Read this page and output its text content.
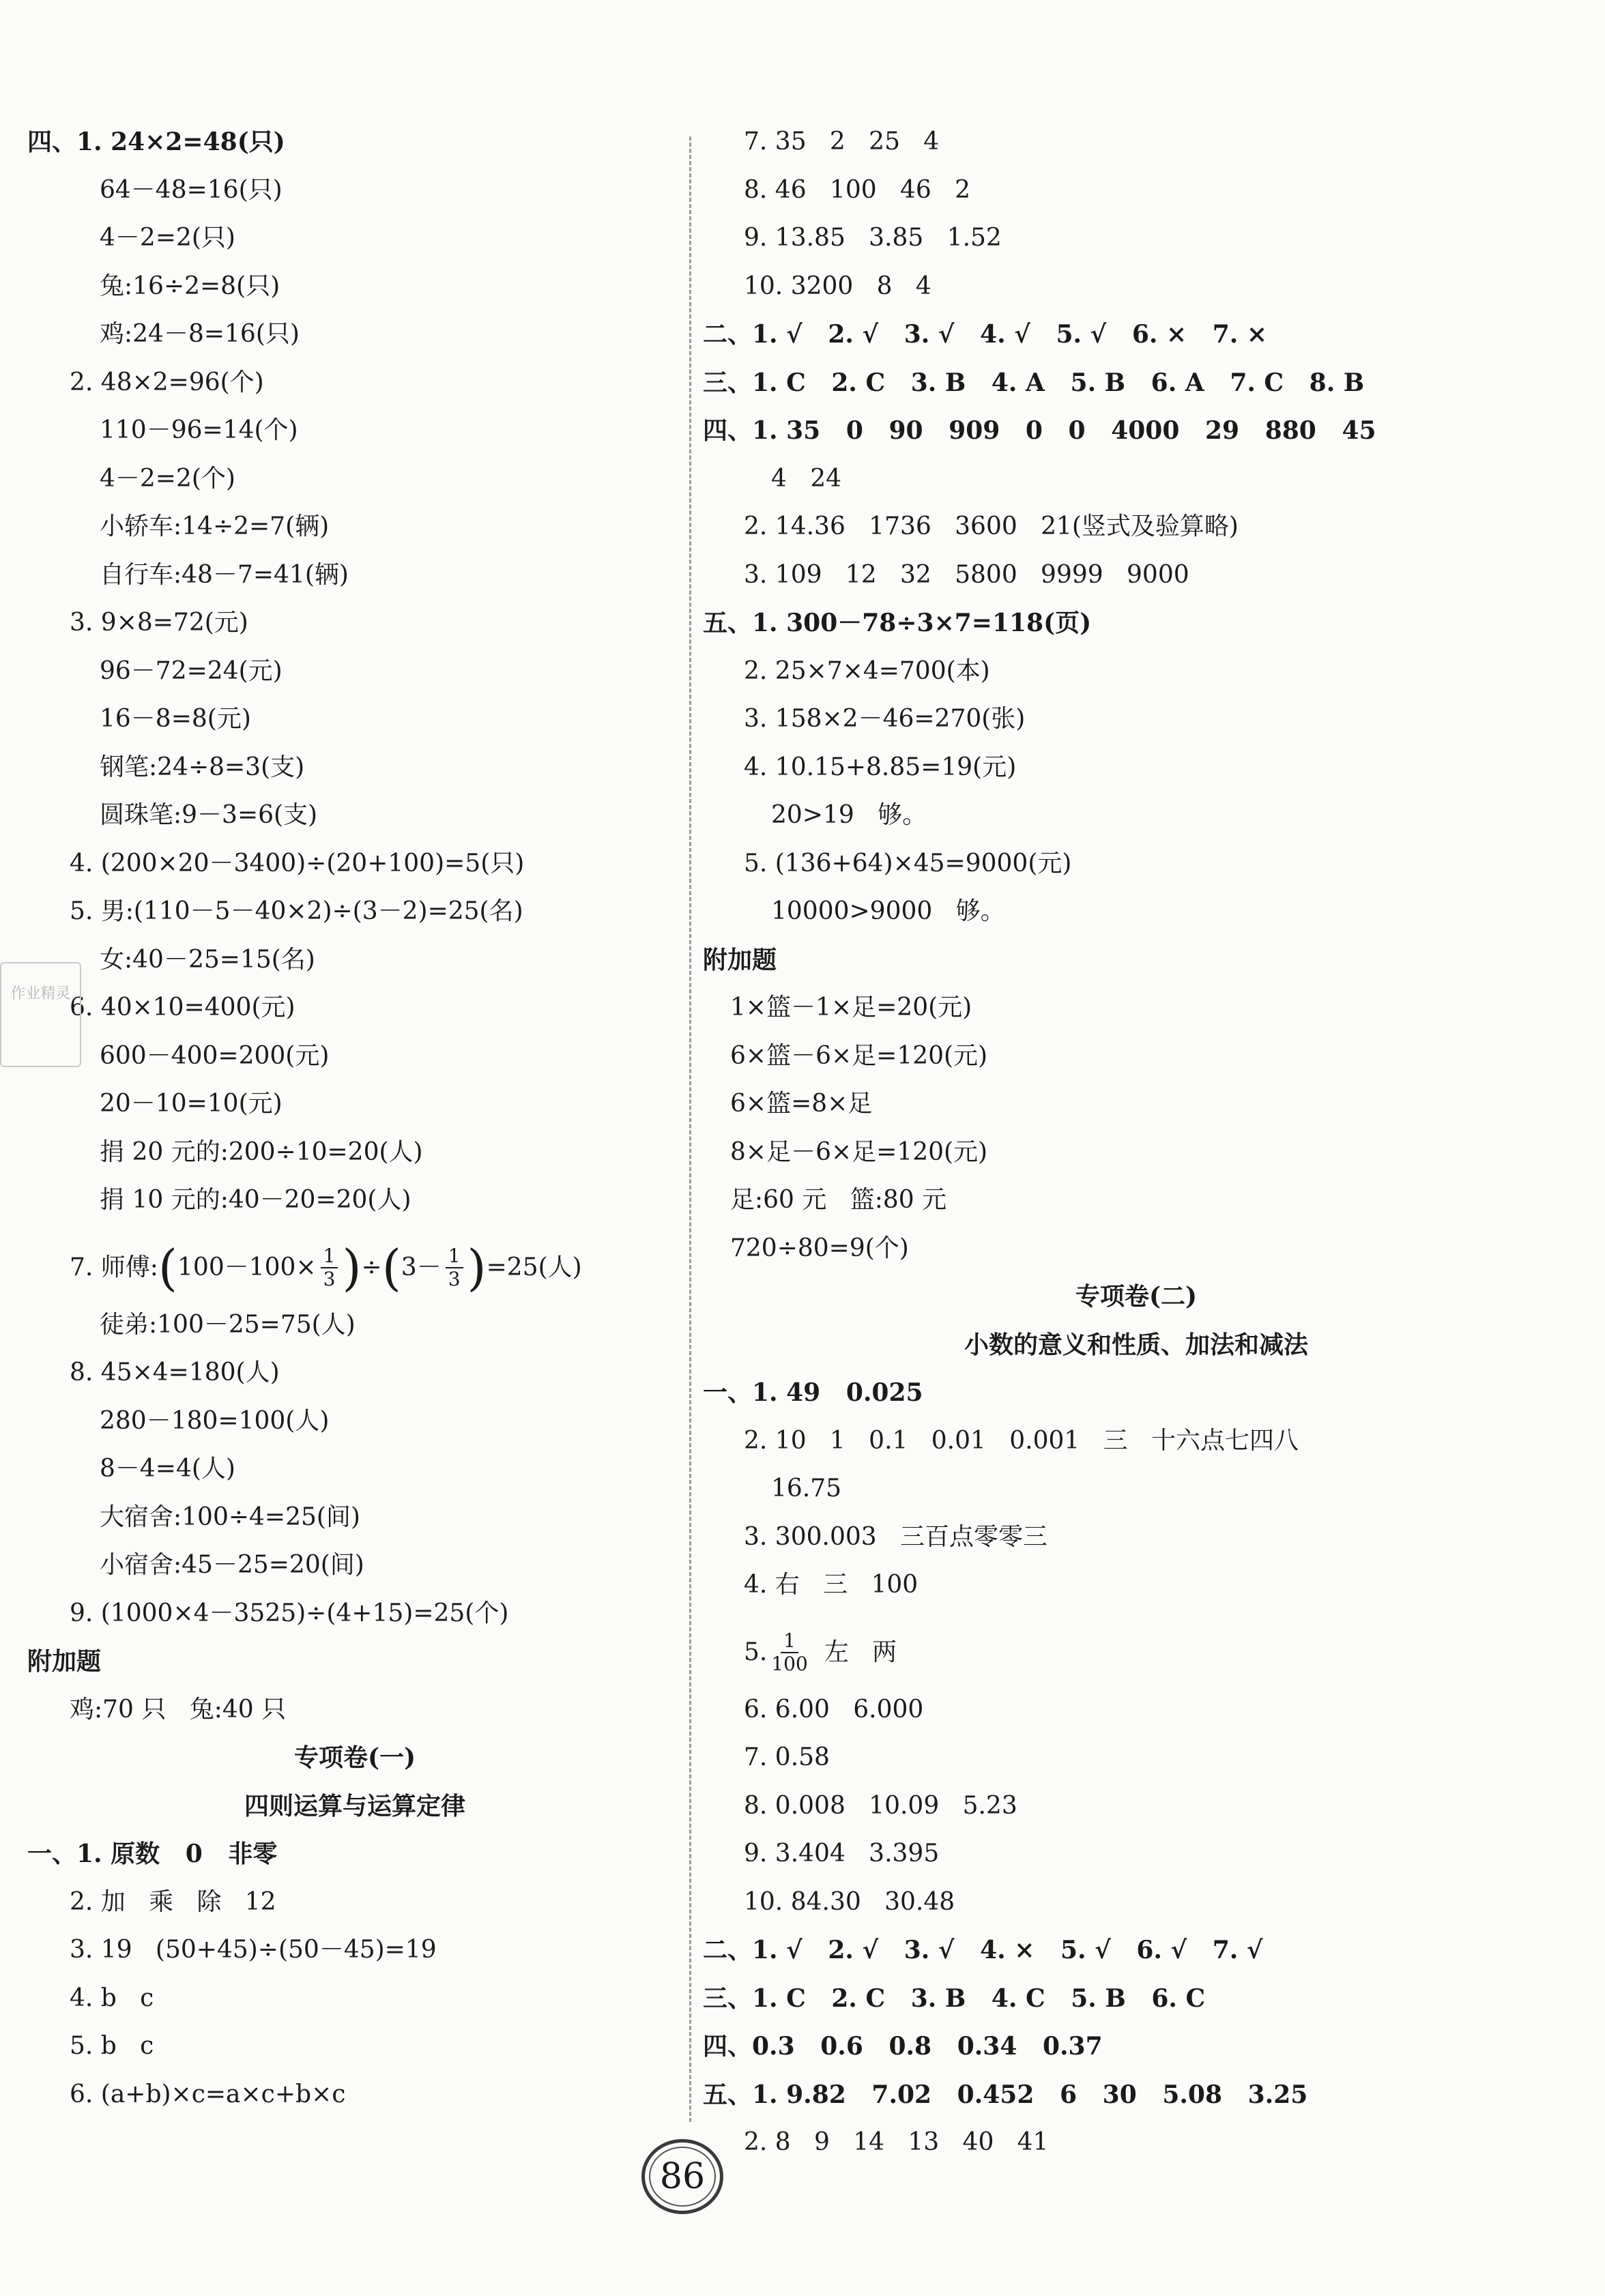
四、1. 24×2=48(只)
64－48=16(只)
4－2=2(只)
兔:16÷2=8(只)
鸡:24－8=16(只)
2. 48×2=96(个)
110－96=14(个)
4－2=2(个)
小轿车:14÷2=7(辆)
自行车:48－7=41(辆)
3. 9×8=72(元)
96－72=24(元)
16－8=8(元)
钢笔:24÷8=3(支)
圆珠笔:9－3=6(支)
4. (200×20－3400)÷(20+100)=5(只)
5. 男:(110－5－40×2)÷(3－2)=25(名)
女:40－25=15(名)
6. 40×10=400(元)
600－400=200(元)
20－10=10(元)
捐 20 元的:200÷10=20(人)
捐 10 元的:40－20=20(人)
7. 师傅: ( $100-100\times \frac{1}{3}$ ) ÷ ( $3- \frac{1}{3}$ ) =25(人)
徒弟:100－25=75(人)
8. 45×4=180(人)
280－180=100(人)
8－4=4(人)
大宿舍:100÷4=25(间)
小宿舍:45－25=20(间)
9. (1000×4－3525)÷(4+15)=25(个)
附加题
鸡:70 只   兔:40 只
专项卷(一)
四则运算与运算定律
一、1. 原数   0   非零
2. 加   乘   除   12
3. 19   (50+45)÷(50－45)=19
4. b   c
5. b   c
6. (a+b)×c=a×c+b×c
7. 35   2   25   4
8. 46   100   46   2
9. 13.85   3.85   1.52
10. 3200   8   4
二、1. √   2. √   3. √   4. √   5. √   6. ×   7. ×
三、1. C   2. C   3. B   4. A   5. B   6. A   7. C   8. B
四、1. 35   0   90   909   0   0   4000   29   880   45
4   24
2. 14.36   1736   3600   21(竖式及验算略)
3. 109   12   32   5800   9999   9000
五、1. 300－78÷3×7=118(页)
2. 25×7×4=700(本)
3. 158×2－46=270(张)
4. 10.15+8.85=19(元)
20>19   够。
5. (136+64)×45=9000(元)
10000>9000   够。
附加题
1×篮－1×足=20(元)
6×篮－6×足=120(元)
6×篮=8×足
8×足－6×足=120(元)
足:60 元   篮:80 元
720÷80=9(个)
专项卷(二)
小数的意义和性质、加法和减法
一、1. 49   0.025
2. 10   1   0.1   0.01   0.001   三   十六点七四八
16.75
3. 300.003   三百点零零三
4. 右   三   100
5. $\frac{1}{100}$ 左   两
6. 6.00   6.000
7. 0.58
8. 0.008   10.09   5.23
9. 3.404   3.395
10. 84.30   30.48
二、1. √   2. √   3. √   4. ×   5. √   6. √   7. √
三、1. C   2. C   3. B   4. C   5. B   6. C
四、0.3   0.6   0.8   0.34   0.37
五、1. 9.82   7.02   0.452   6   30   5.08   3.25
2. 8   9   14   13   40   41
作业精灵
86
